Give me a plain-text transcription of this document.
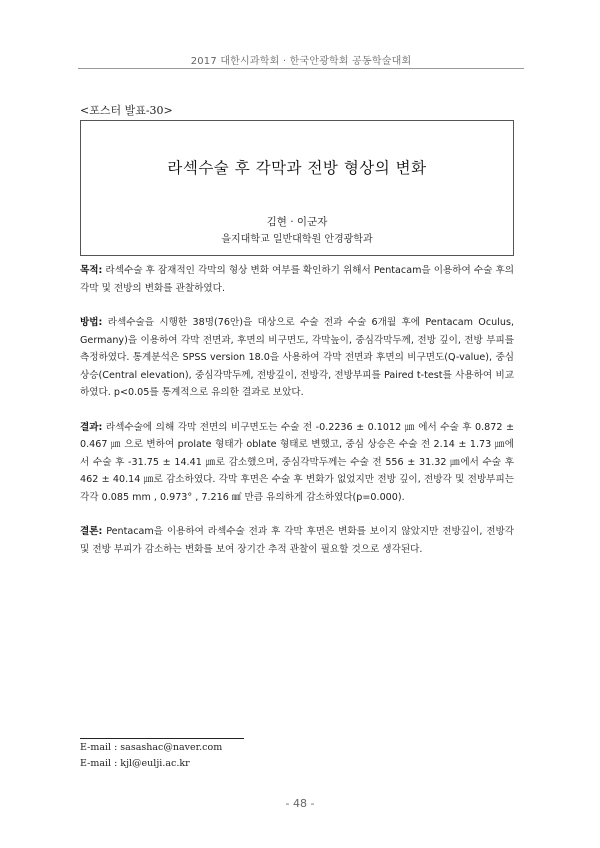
2017 대한시과학회 · 한국안광학회 공동학술대회
<포스터 발표-30>
라섹수술 후 각막과 전방 형상의 변화
김현 · 이군자
을지대학교 일반대학원 안경광학과

목적: 라섹수술 후 잠재적인 각막의 형상 변화 여부를 확인하기 위해서 Pentacam을 이용하여 수술 후의 각막 및 전방의 변화를 관찰하였다.

방법: 라섹수술을 시행한 38명(76안)을 대상으로 수술 전과 수술 6개월 후에 Pentacam Oculus, Germany)을 이용하여 각막 전면과, 후면의 비구면도, 각막높이, 중심각막두께, 전방 깊이, 전방 부피를 측정하였다. 통계분석은 SPSS version 18.0을 사용하여 각막 전면과 후면의 비구면도(Q-value), 중심 상승(Central elevation), 중심각막두께, 전방깊이, 전방각, 전방부피를 Paired t-test를 사용하여 비교하였다. p<0.05를 통계적으로 유의한 결과로 보았다.

결과: 라섹수술에 의해 각막 전면의 비구면도는 수술 전 -0.2236 ± 0.1012 ㎛ 에서 수술 후 0.872 ± 0.467 ㎛ 으로 변하여 prolate 형태가 oblate 형태로 변했고, 중심 상승은 수술 전 2.14 ± 1.73 ㎛에서 수술 후 -31.75 ± 14.41 ㎛로 감소했으며, 중심각막두께는 수술 전 556 ± 31.32 ㎛에서 수술 후 462 ± 40.14 ㎛로 감소하였다. 각막 후면은 수술 후 변화가 없었지만 전방 깊이, 전방각 및 전방부피는 각각 0.085 mm , 0.973° , 7.216 ㎣ 만큼 유의하게 감소하였다(p=0.000).

결론: Pentacam을 이용하여 라섹수술 전과 후 각막 후면은 변화를 보이지 않았지만 전방깊이, 전방각 및 전방 부피가 감소하는 변화를 보여 장기간 추적 관찰이 필요할 것으로 생각된다.

E-mail : sasashac@naver.com
E-mail : kjl@eulji.ac.kr
- 48 -
